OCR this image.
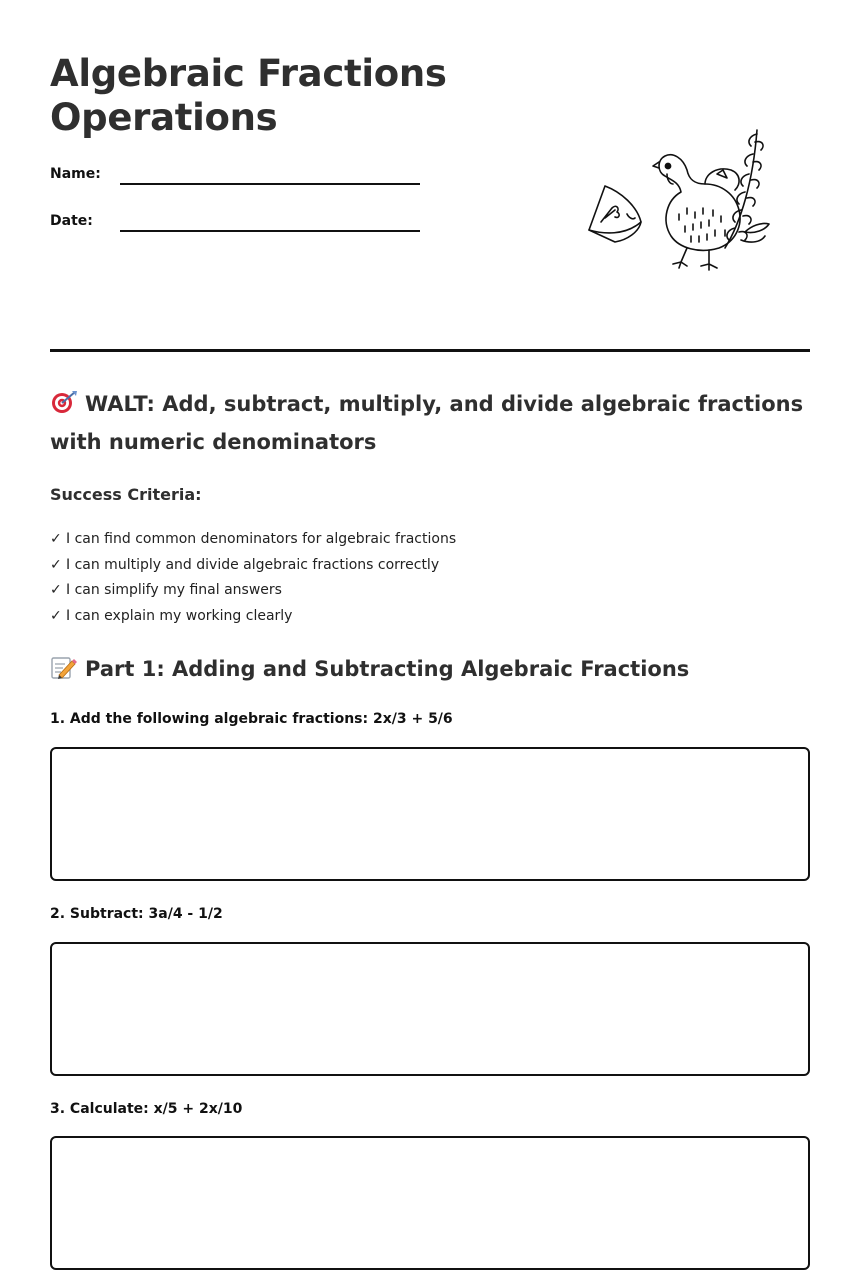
Algebraic Fractions Operations
Name:
Date:
WALT: Add, subtract, multiply, and divide algebraic fractions with numeric denominators
Success Criteria:
✓ I can find common denominators for algebraic fractions
✓ I can multiply and divide algebraic fractions correctly
✓ I can simplify my final answers
✓ I can explain my working clearly
Part 1: Adding and Subtracting Algebraic Fractions

1. Add the following algebraic fractions: 2x/3 + 5/6

2. Subtract: 3a/4 - 1/2

3. Calculate: x/5 + 2x/10
